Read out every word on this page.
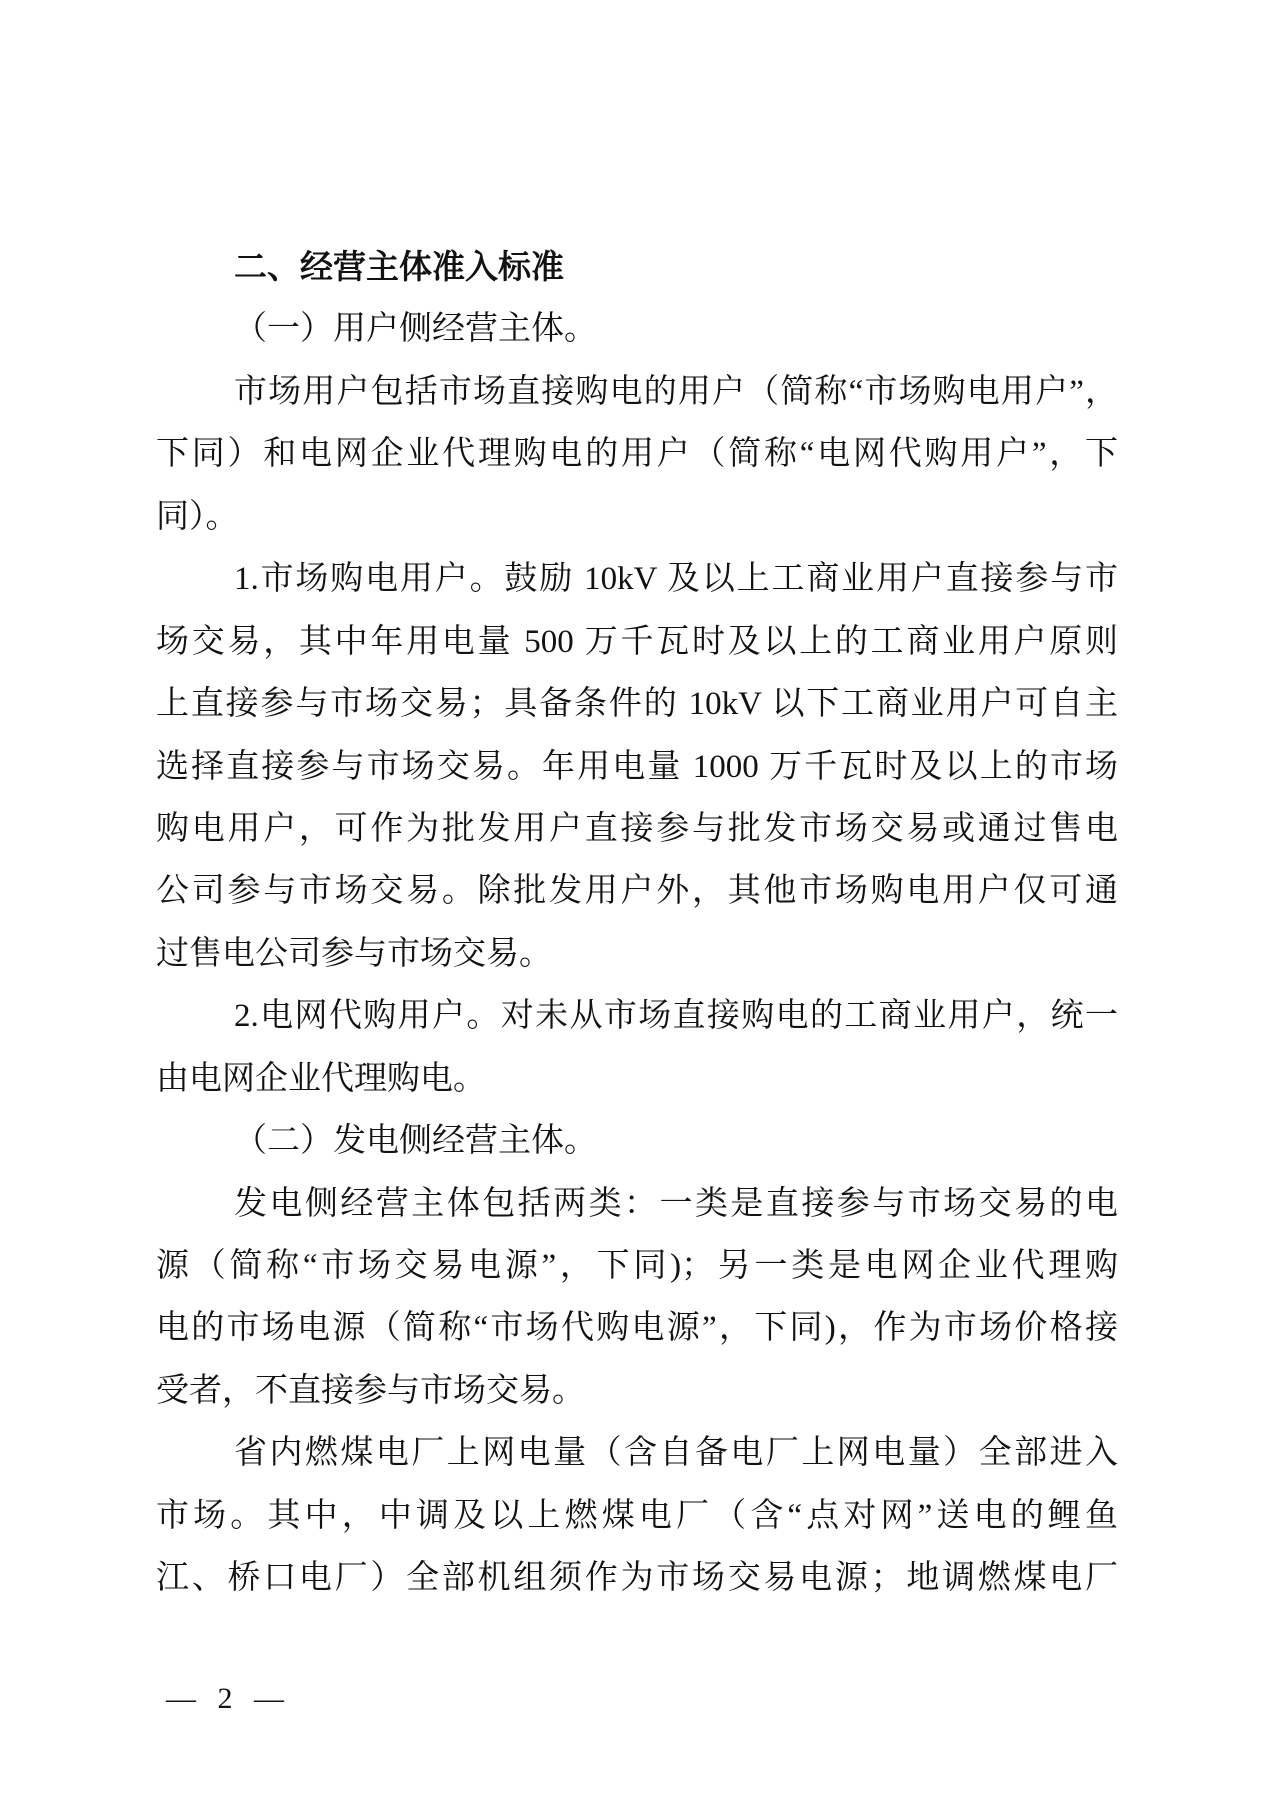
二、经营主体准入标准
（一）用户侧经营主体。
市场用户包括市场直接购电的用户（简称“市场购电用户”，
下同）和电网企业代理购电的用户（简称“电网代购用户”，下
同）。
1.市场购电用户。鼓励 10kV 及以上工商业用户直接参与市
场交易，其中年用电量 500 万千瓦时及以上的工商业用户原则
上直接参与市场交易；具备条件的 10kV 以下工商业用户可自主
选择直接参与市场交易。年用电量 1000 万千瓦时及以上的市场
购电用户，可作为批发用户直接参与批发市场交易或通过售电
公司参与市场交易。除批发用户外，其他市场购电用户仅可通
过售电公司参与市场交易。
2.电网代购用户。对未从市场直接购电的工商业用户，统一
由电网企业代理购电。
（二）发电侧经营主体。
发电侧经营主体包括两类：一类是直接参与市场交易的电
源（简称“市场交易电源”，下同)；另一类是电网企业代理购
电的市场电源（简称“市场代购电源”，下同)，作为市场价格接
受者，不直接参与市场交易。
省内燃煤电厂上网电量（含自备电厂上网电量）全部进入
市场。其中，中调及以上燃煤电厂（含“点对网”送电的鲤鱼
江、桥口电厂）全部机组须作为市场交易电源；地调燃煤电厂
— 2 —
